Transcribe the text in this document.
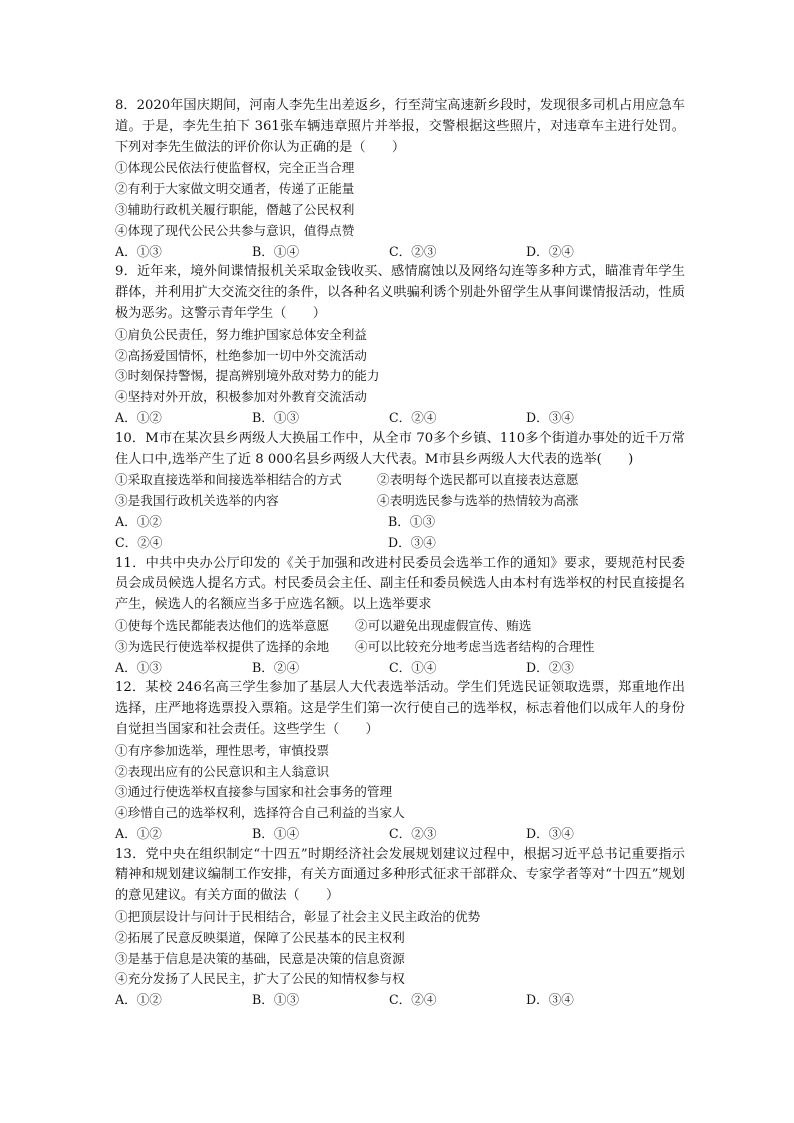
8．2020年国庆期间，河南人李先生出差返乡，行至菏宝高速新乡段时，发现很多司机占用应急车道。于是，李先生拍下 361张车辆违章照片并举报，交警根据这些照片，对违章车主进行处罚。下列对李先生做法的评价你认为正确的是（　　）

①体现公民依法行使监督权，完全正当合理

②有利于大家做文明交通者，传递了正能量

③辅助行政机关履行职能，僭越了公民权利

④体现了现代公民公共参与意识，值得点赞

A．①③	B．①④	C．②③	D．②④

9．近年来，境外间谍情报机关采取金钱收买、感情腐蚀以及网络勾连等多种方式，瞄准青年学生群体，并利用扩大交流交往的条件，以各种名义哄骗利诱个别赴外留学生从事间谍情报活动，性质极为恶劣。这警示青年学生（　　）

①肩负公民责任，努力维护国家总体安全利益

②高扬爱国情怀，杜绝参加一切中外交流活动

③时刻保持警惕，提高辨别境外敌对势力的能力

④坚持对外开放，积极参加对外教育交流活动

A．①②	B．①③	C．②④	D．③④

10．M市在某次县乡两级人大换届工作中，从全市 70多个乡镇、110多个街道办事处的近千万常住人口中,选举产生了近 8 000名县乡两级人大代表。M市县乡两级人大代表的选举(　　)

①采取直接选举和间接选举相结合的方式	②表明每个选民都可以直接表达意愿
③是我国行政机关选举的内容	④表明选民参与选举的热情较为高涨
A．①②	B．①③
C．②④	D．③④

11．中共中央办公厅印发的《关于加强和改进村民委员会选举工作的通知》要求，要规范村民委员会成员候选人提名方式。村民委员会主任、副主任和委员候选人由本村有选举权的村民直接提名产生，候选人的名额应当多于应选名额。以上选举要求

①使每个选民都能表达他们的选举意愿	②可以避免出现虚假宣传、贿选
③为选民行使选举权提供了选择的余地	④可以比较充分地考虑当选者结构的合理性
A．①③	B．②④	C．①④	D．②③

12．某校 246名高三学生参加了基层人大代表选举活动。学生们凭选民证领取选票，郑重地作出选择，庄严地将选票投入票箱。这是学生们第一次行使自己的选举权，标志着他们以成年人的身份自觉担当国家和社会责任。这些学生（　　）

①有序参加选举，理性思考，审慎投票

②表现出应有的公民意识和主人翁意识

③通过行使选举权直接参与国家和社会事务的管理

④珍惜自己的选举权利，选择符合自己利益的当家人

A．①②	B．①④	C．②③	D．③④

13．党中央在组织制定“十四五”时期经济社会发展规划建议过程中，根据习近平总书记重要指示精神和规划建议编制工作安排，有关方面通过多种形式征求干部群众、专家学者等对“十四五”规划的意见建议。有关方面的做法（　　）

①把顶层设计与问计于民相结合，彰显了社会主义民主政治的优势

②拓展了民意反映渠道，保障了公民基本的民主权利

③是基于信息是决策的基础，民意是决策的信息资源

④充分发扬了人民民主，扩大了公民的知情权参与权

A．①②	B．①③	C．②④	D．③④
